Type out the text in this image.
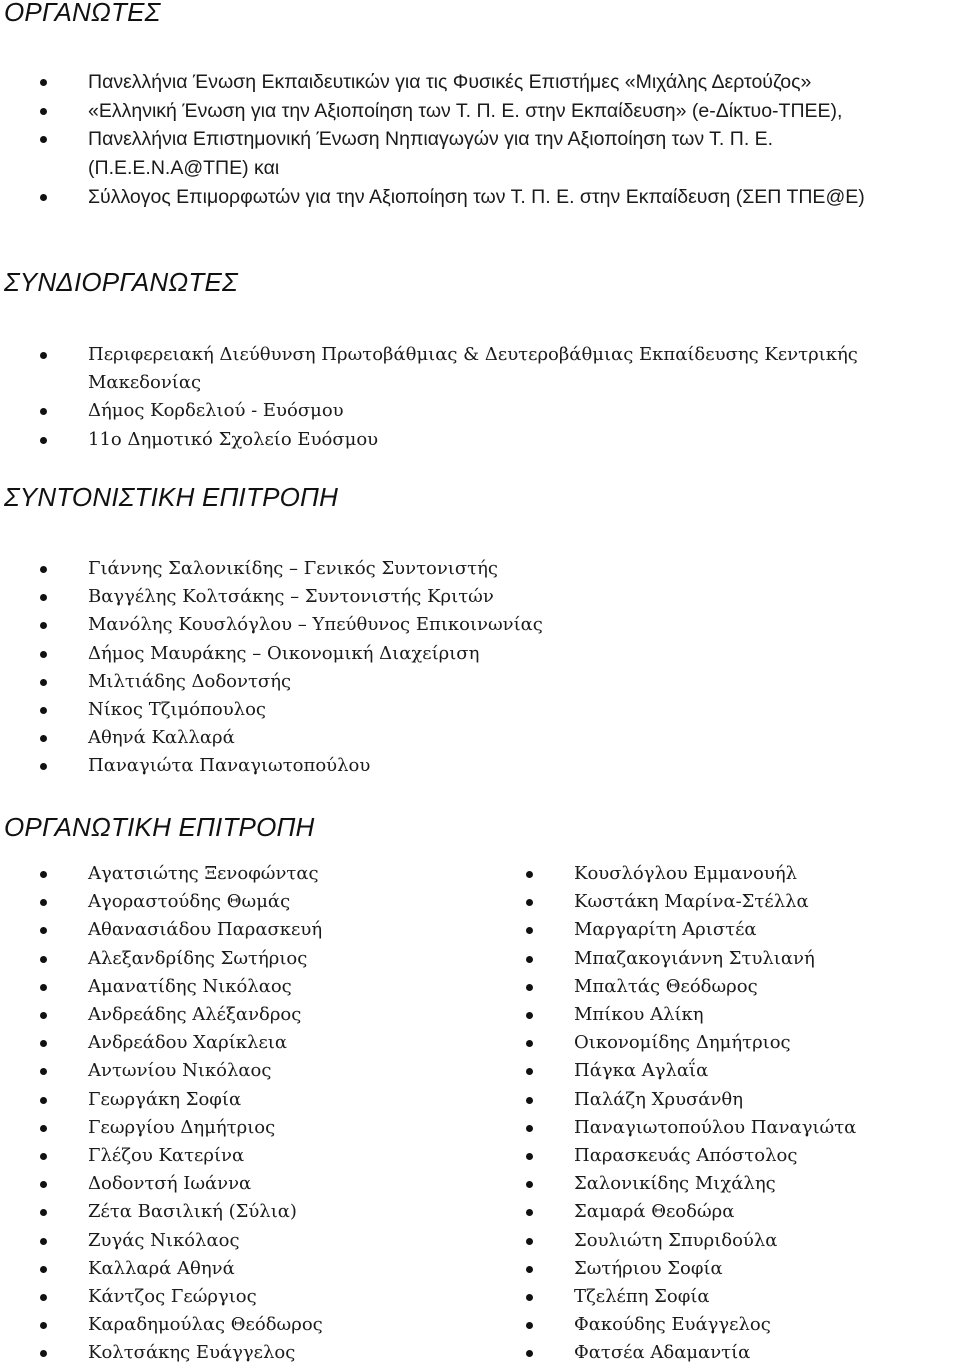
ΟΡΓΑΝΩΤΕΣ
Πανελλήνια Ένωση Εκπαιδευτικών για τις Φυσικές Επιστήμες «Μιχάλης Δερτούζος»
«Ελληνική Ένωση για την Αξιοποίηση των Τ. Π. Ε. στην Εκπαίδευση» (e-Δίκτυο-ΤΠΕΕ),
Πανελλήνια Επιστημονική Ένωση Νηπιαγωγών για την Αξιοποίηση των Τ. Π. Ε. (Π.Ε.Ε.Ν.Α@ΤΠΕ) και
Σύλλογος Επιμορφωτών για την Αξιοποίηση των Τ. Π. Ε. στην Εκπαίδευση (ΣΕΠ ΤΠΕ@Ε)
ΣΥΝΔΙΟΡΓΑΝΩΤΕΣ
Περιφερειακή Διεύθυνση Πρωτοβάθμιας & Δευτεροβάθμιας Εκπαίδευσης Κεντρικής Μακεδονίας
Δήμος Κορδελιού - Ευόσμου
11ο Δημοτικό Σχολείο Ευόσμου
ΣΥΝΤΟΝΙΣΤΙΚΗ ΕΠΙΤΡΟΠΗ
Γιάννης Σαλονικίδης – Γενικός Συντονιστής
Βαγγέλης Κολτσάκης – Συντονιστής Κριτών
Μανόλης Κουσλόγλου – Υπεύθυνος Επικοινωνίας
Δήμος Μαυράκης – Οικονομική Διαχείριση
Μιλτιάδης Δοδοντσής
Νίκος Τζιμόπουλος
Αθηνά Καλλαρά
Παναγιώτα Παναγιωτοπούλου
ΟΡΓΑΝΩΤΙΚΗ ΕΠΙΤΡΟΠΗ
Αγατσιώτης Ξενοφώντας
Αγοραστούδης Θωμάς
Αθανασιάδου Παρασκευή
Αλεξανδρίδης Σωτήριος
Αμανατίδης Νικόλαος
Ανδρεάδης Αλέξανδρος
Ανδρεάδου Χαρίκλεια
Αντωνίου Νικόλαος
Γεωργάκη Σοφία
Γεωργίου Δημήτριος
Γλέζου Κατερίνα
Δοδοντσή Ιωάννα
Ζέτα Βασιλική (Σύλια)
Ζυγάς Νικόλαος
Καλλαρά Αθηνά
Κάντζος Γεώργιος
Καραδημούλας Θεόδωρος
Κολτσάκης Ευάγγελος
Κουσλόγλου Εμμανουήλ
Κωστάκη Μαρίνα-Στέλλα
Μαργαρίτη Αριστέα
Μπαζακογιάννη Στυλιανή
Μπαλτάς Θεόδωρος
Μπίκου Αλίκη
Οικονομίδης Δημήτριος
Πάγκα Αγλαΐα
Παλάζη Χρυσάνθη
Παναγιωτοπούλου Παναγιώτα
Παρασκευάς Απόστολος
Σαλονικίδης Μιχάλης
Σαμαρά Θεοδώρα
Σουλιώτη Σπυριδούλα
Σωτήριου Σοφία
Τζελέπη Σοφία
Φακούδης Ευάγγελος
Φατσέα Αδαμαντία
